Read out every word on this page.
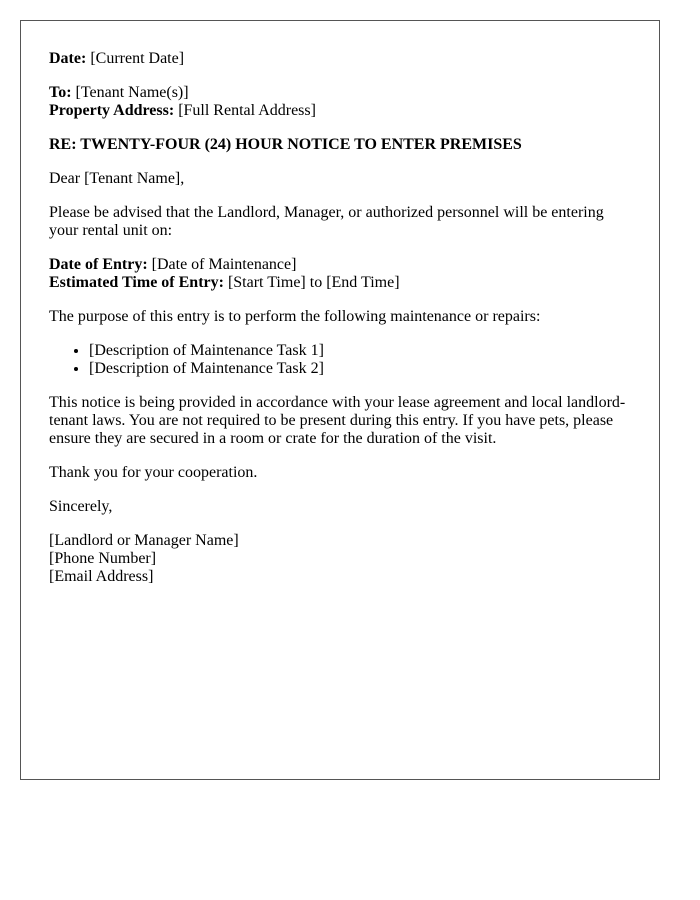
Date: [Current Date]

To: [Tenant Name(s)]
Property Address: [Full Rental Address]

RE: TWENTY-FOUR (24) HOUR NOTICE TO ENTER PREMISES

Dear [Tenant Name],

Please be advised that the Landlord, Manager, or authorized personnel will be entering your rental unit on:

Date of Entry: [Date of Maintenance]
Estimated Time of Entry: [Start Time] to [End Time]

The purpose of this entry is to perform the following maintenance or repairs:

• [Description of Maintenance Task 1]
• [Description of Maintenance Task 2]

This notice is being provided in accordance with your lease agreement and local landlord-tenant laws. You are not required to be present during this entry. If you have pets, please ensure they are secured in a room or crate for the duration of the visit.

Thank you for your cooperation.

Sincerely,

[Landlord or Manager Name]
[Phone Number]
[Email Address]
